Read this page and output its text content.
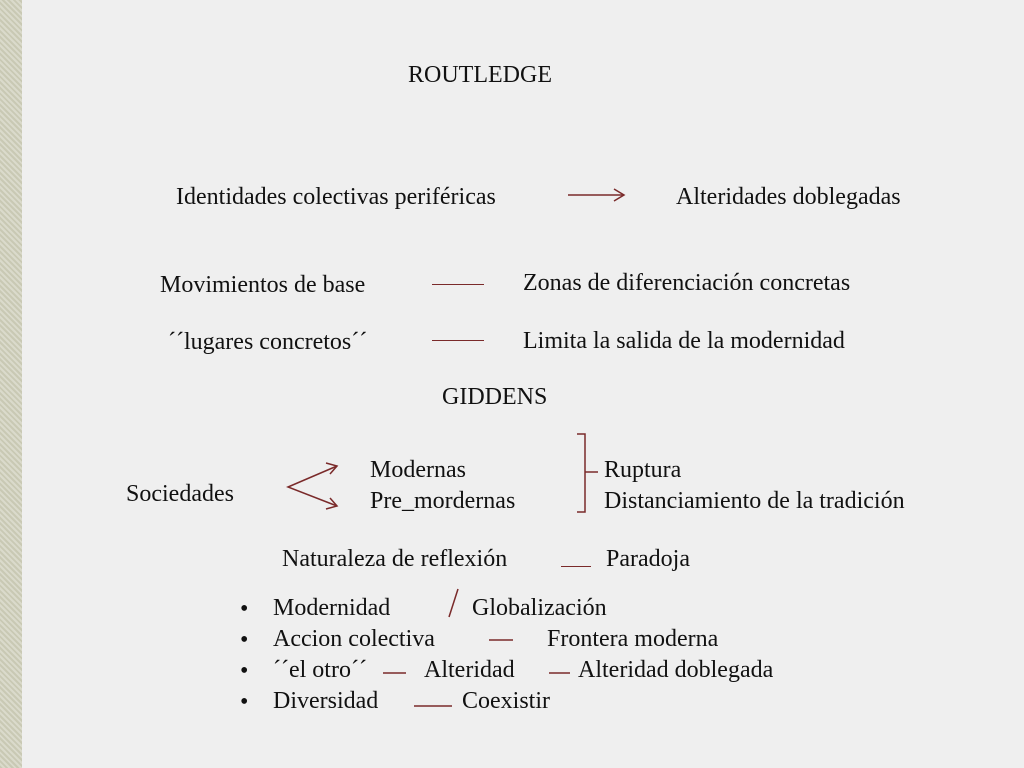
ROUTLEDGE
Identidades colectivas periféricas	Alteridades doblegadas
Movimientos de base	Zonas de diferenciación concretas
´´lugares concretos´´	Limita la salida de la modernidad
GIDDENS
Sociedades
Modernas
Pre_mordernas
Ruptura
Distanciamiento de la tradición
Naturaleza de reflexión	Paradoja
• Modernidad	Globalización
• Accion colectiva	Frontera moderna
• ´´el otro´´ Alteridad	Alteridad doblegada
• Diversidad	Coexistir
